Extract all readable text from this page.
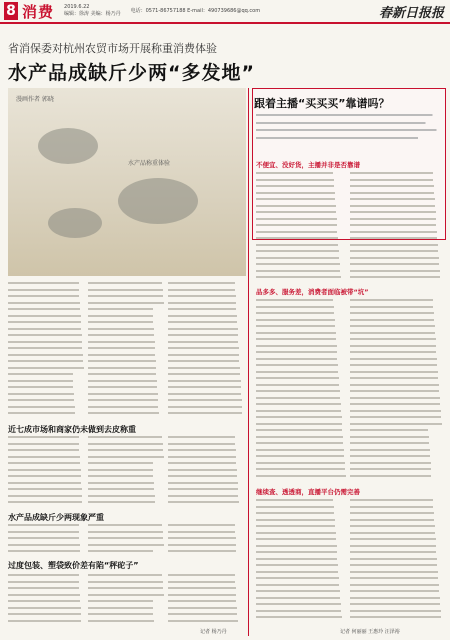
8 消费 2019.6.22
编辑：徐涛 美编：杨乃丹
电话：0571-86757188 E-mail：490739686@qq.com	春新日报报
省消保委对杭州农贸市场开展称重消费体验
水产品成缺斤少两“多发地”
漫画作者 郭晓
水产品称重体验
跟着主播“买买买”靠谱吗？
不便宜、没好货，主播并非是否靠谱
品多多、服务差，消费者面临被带“坑”
继续查、透透商，直播平台仍需完善
记者 何丽丽 王惠玲 汪泽裕
近七成市场和商家仍未做到去皮称重
水产品成缺斤少两现象严重
过度包装、塑袋致价差有陷“秤砣子”
记者 杨乃丹
